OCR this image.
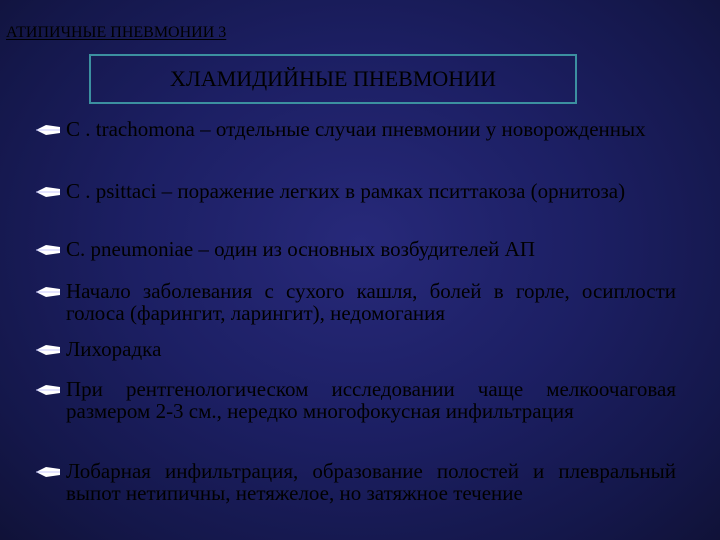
АТИПИЧНЫЕ ПНЕВМОНИИ 3
ХЛАМИДИЙНЫЕ ПНЕВМОНИИ
C . trachomona – отдельные случаи пневмонии у новорожденных
C . psittaci – поражение легких в рамках пситтакоза (орнитоза)
C. pneumoniae – один из основных возбудителей АП
Начало заболевания с сухого кашля, болей в горле, осиплости голоса (фарингит, ларингит), недомогания
Лихорадка
При рентгенологическом исследовании чаще мелкоочаговая размером 2-3 см., нередко многофокусная инфильтрация
Лобарная инфильтрация, образование полостей и плевральный выпот нетипичны, нетяжелое, но затяжное течение
